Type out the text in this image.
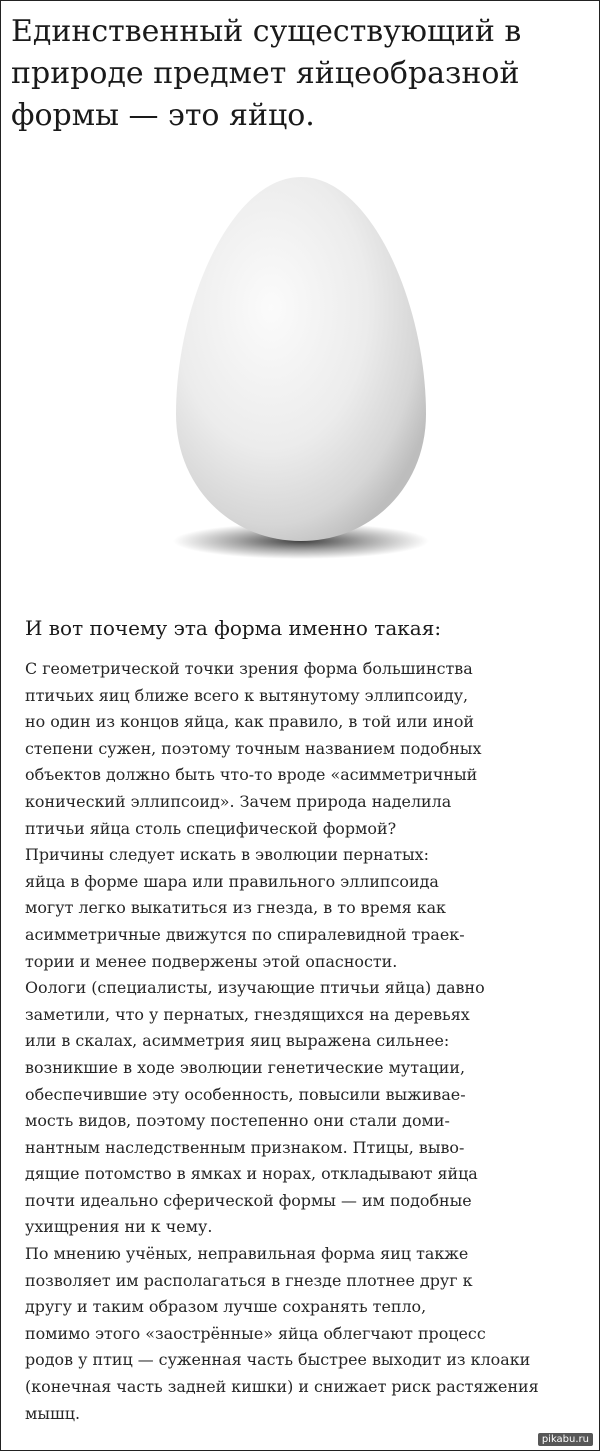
Единственный существующий в
природе предмет яйцеобразной
формы — это яйцо.
И вот почему эта форма именно такая:
С геометрической точки зрения форма большинства
птичьих яиц ближе всего к вытянутому эллипсоиду,
но один из концов яйца, как правило, в той или иной
степени сужен, поэтому точным названием подобных
объектов должно быть что-то вроде «асимметричный
конический эллипсоид». Зачем природа наделила
птичьи яйца столь специфической формой?
Причины следует искать в эволюции пернатых:
яйца в форме шара или правильного эллипсоида
могут легко выкатиться из гнезда, в то время как
асимметричные движутся по спиралевидной траек-
тории и менее подвержены этой опасности.
Оологи (специалисты, изучающие птичьи яйца) давно
заметили, что у пернатых, гнездящихся на деревьях
или в скалах, асимметрия яиц выражена сильнее:
возникшие в ходе эволюции генетические мутации,
обеспечившие эту особенность, повысили выживае-
мость видов, поэтому постепенно они стали доми-
нантным наследственным признаком. Птицы, выво-
дящие потомство в ямках и норах, откладывают яйца
почти идеально сферической формы — им подобные
ухищрения ни к чему.
По мнению учёных, неправильная форма яиц также
позволяет им располагаться в гнезде плотнее друг к
другу и таким образом лучше сохранять тепло,
помимо этого «заострённые» яйца облегчают процесс
родов у птиц — суженная часть быстрее выходит из клоаки
(конечная часть задней кишки) и снижает риск растяжения
мышц.
pikabu.ru
